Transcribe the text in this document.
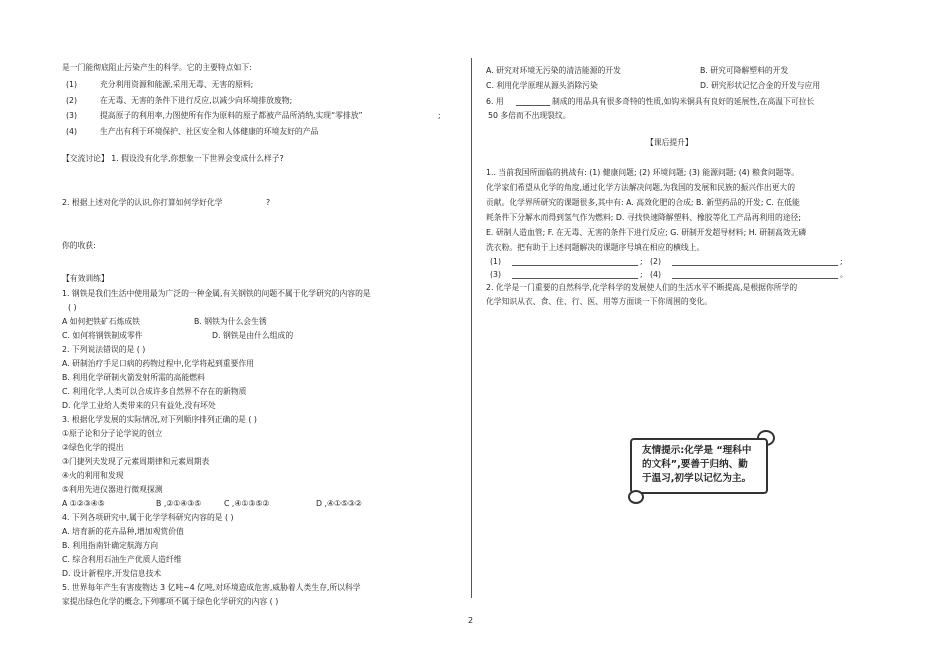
是一门能彻底阻止污染产生的科学。它的主要特点如下:
(1)	充分利用资源和能源,采用无毒、无害的原料;
(2)	在无毒、无害的条件下进行反应,以减少向环境排放废物;
(3)	提高原子的利用率,力图使所有作为原料的原子都被产品所消纳,实现“零排放”	;
(4)	生产出有利于环境保护、社区安全和人体健康的环境友好的产品
【交流讨论】 1. 假设没有化学,你想象一下世界会变成什么样子?
2. 根据上述对化学的认识,你打算如何学好化学	?
你的收获:
【有效训练】
1. 钢铁是我们生活中使用最为广泛的一种金属,有关钢铁的问题不属于化学研究的内容的是
( )
A 如何把铁矿石炼成铁	B. 钢铁为什么会生锈
C. 如何将钢铁制成零件	D. 钢铁是由什么组成的
2. 下列说法错误的是 ( )
A. 研制治疗手足口病的药物过程中,化学将起到重要作用
B. 利用化学研制火箭发射所需的高能燃料
C. 利用化学,人类可以合成许多自然界不存在的新物质
D. 化学工业给人类带来的只有益处,没有坏处
3. 根据化学发展的实际情况,对下列顺序排列正确的是 ( )
①原子论和分子论学说的创立
②绿色化学的提出
③门捷列夫发现了元素周期律和元素周期表
④火的利用和发现
⑤利用先进仪器进行微观探测
A ①②③④⑤	B ,②①④③⑤	C ,④①③⑤②	D ,④①⑤③②
4. 下列各项研究中,属于化学学科研究内容的是 ( )
A. 培育新的花卉品种,增加观赏价值
B. 利用指南针确定航海方向
C. 综合利用石油生产优质人造纤维
D. 设计新程序,开发信息技术
5. 世界每年产生有害废物达 3 亿吨~4 亿吨,对环境造成危害,威胁着人类生存,所以科学
家提出绿色化学的概念,下列哪项不属于绿色化学研究的内容 ( )
A. 研究对环境无污染的清洁能源的开发	B. 研究可降解塑料的开发
C. 利用化学原理从源头消除污染	D. 研究形状记忆合金的开发与应用
6. 用	制成的用品具有很多奇特的性质,如钩米铜具有良好的延展性,在高温下可拉长
50 多倍而不出现裂纹。
【课后提升】
1.. 当前我国所面临的挑战有: (1) 健康问题; (2) 环境问题; (3) 能源问题; (4) 粮食问题等。
化学家们希望从化学的角度,通过化学方法解决问题,为我国的发展和民族的振兴作出更大的
贡献。化学界所研究的课题很多,其中有: A. 高效化肥的合成; B. 新型药品的开发; C. 在低能
耗条件下分解水而得到氢气作为燃料; D. 寻找快速降解塑料、橡胶等化工产品再利用的途径;
E. 研制人造血管; F. 在无毒、无害的条件下进行反应; G. 研制开发超导材料; H. 研制高效无磷
洗衣粉。把有助于上述问题解决的课题序号填在相应的横线上。
(1)	; (2)	;
(3)	; (4)	。
2. 化学是一门重要的自然科学,化学科学的发展使人们的生活水平不断提高,是根据你所学的
化学知识从衣、食、住、行、医、用等方面谈一下你周围的变化。
友情提示:化学是 “理科中
的文科”,要善于归纳、勤
于温习,初学以记忆为主。
2
